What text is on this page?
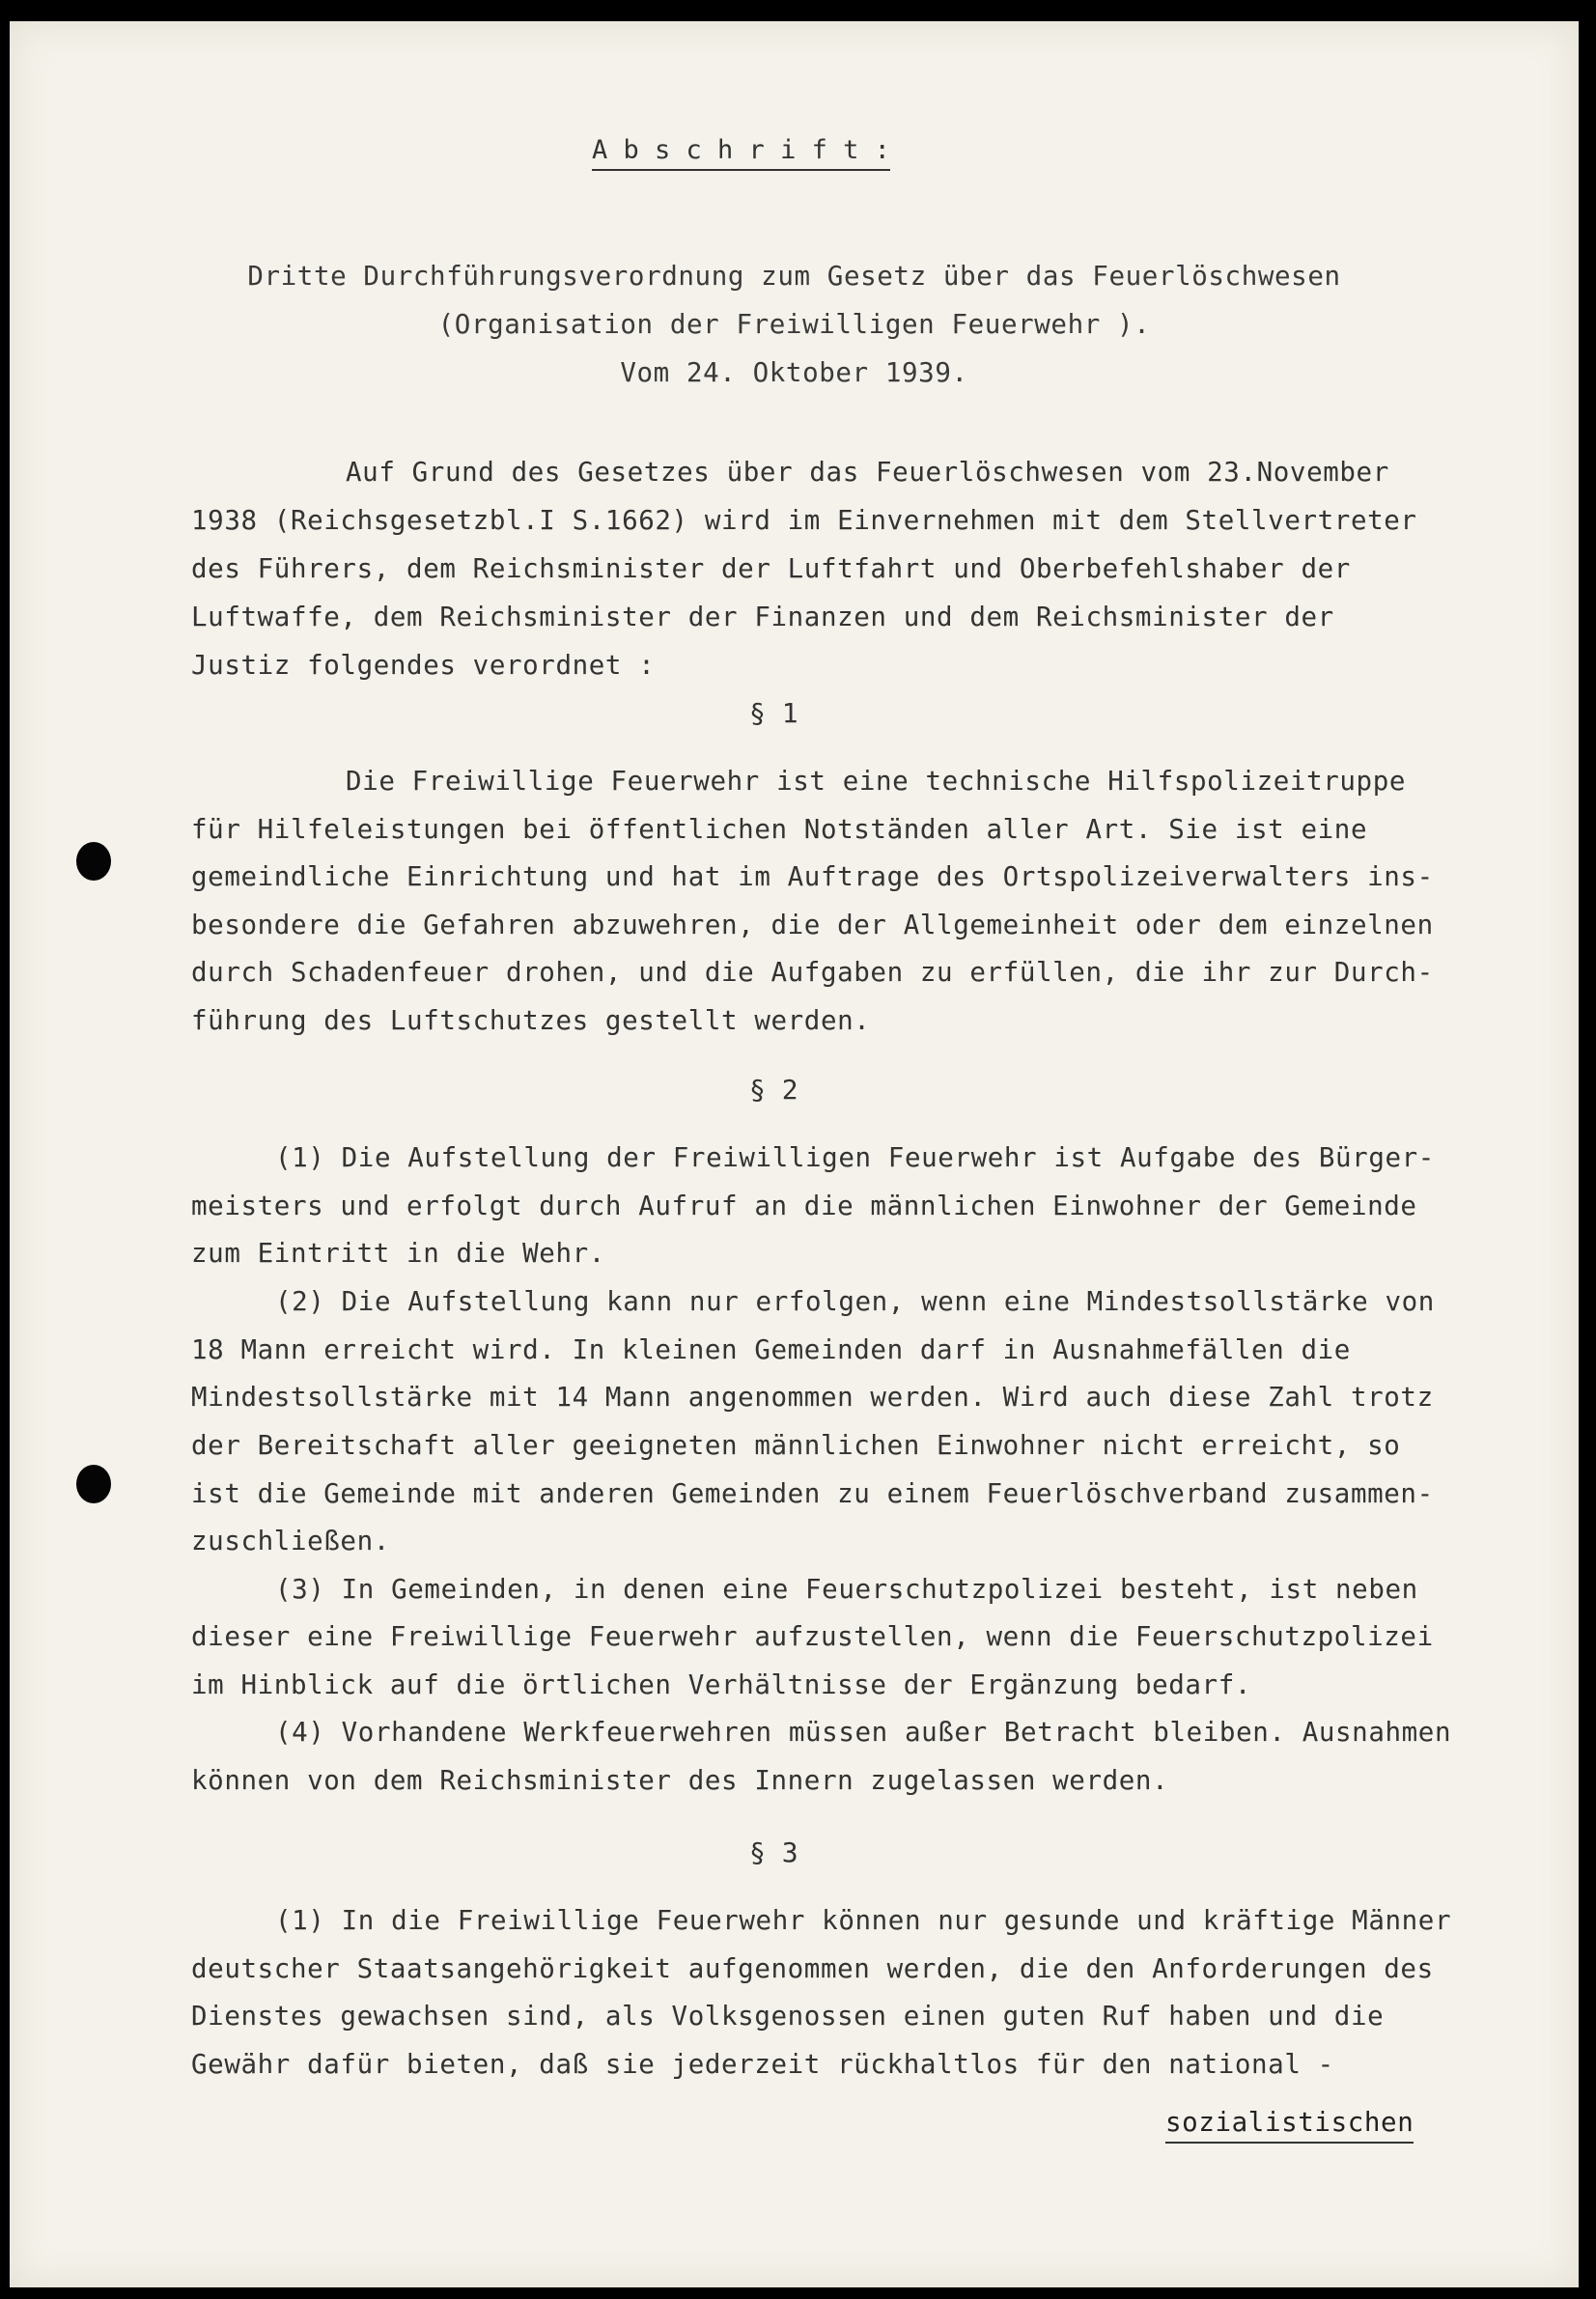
A b s c h r i f t :
Dritte Durchführungsverordnung zum Gesetz über das Feuerlöschwesen
(Organisation der Freiwilligen Feuerwehr ).
Vom 24. Oktober 1939.
Auf Grund des Gesetzes über das Feuerlöschwesen vom 23.November
1938 (Reichsgesetzbl.I S.1662) wird im Einvernehmen mit dem Stellvertreter
des Führers, dem Reichsminister der Luftfahrt und Oberbefehlshaber der
Luftwaffe, dem Reichsminister der Finanzen und dem Reichsminister der
Justiz folgendes verordnet :
§ 1
Die Freiwillige Feuerwehr ist eine technische Hilfspolizeitruppe
für Hilfeleistungen bei öffentlichen Notständen aller Art. Sie ist eine
gemeindliche Einrichtung und hat im Auftrage des Ortspolizeiverwalters ins-
besondere die Gefahren abzuwehren, die der Allgemeinheit oder dem einzelnen
durch Schadenfeuer drohen, und die Aufgaben zu erfüllen, die ihr zur Durch-
führung des Luftschutzes gestellt werden.
§ 2
(1) Die Aufstellung der Freiwilligen Feuerwehr ist Aufgabe des Bürger-
meisters und erfolgt durch Aufruf an die männlichen Einwohner der Gemeinde
zum Eintritt in die Wehr.
(2) Die Aufstellung kann nur erfolgen, wenn eine Mindestsollstärke von
18 Mann erreicht wird. In kleinen Gemeinden darf in Ausnahmefällen die
Mindestsollstärke mit 14 Mann angenommen werden. Wird auch diese Zahl trotz
der Bereitschaft aller geeigneten männlichen Einwohner nicht erreicht, so
ist die Gemeinde mit anderen Gemeinden zu einem Feuerlöschverband zusammen-
zuschließen.
(3) In Gemeinden, in denen eine Feuerschutzpolizei besteht, ist neben
dieser eine Freiwillige Feuerwehr aufzustellen, wenn die Feuerschutzpolizei
im Hinblick auf die örtlichen Verhältnisse der Ergänzung bedarf.
(4) Vorhandene Werkfeuerwehren müssen außer Betracht bleiben. Ausnahmen
können von dem Reichsminister des Innern zugelassen werden.
§ 3
(1) In die Freiwillige Feuerwehr können nur gesunde und kräftige Männer
deutscher Staatsangehörigkeit aufgenommen werden, die den Anforderungen des
Dienstes gewachsen sind, als Volksgenossen einen guten Ruf haben und die
Gewähr dafür bieten, daß sie jederzeit rückhaltlos für den national -
sozialistischen
